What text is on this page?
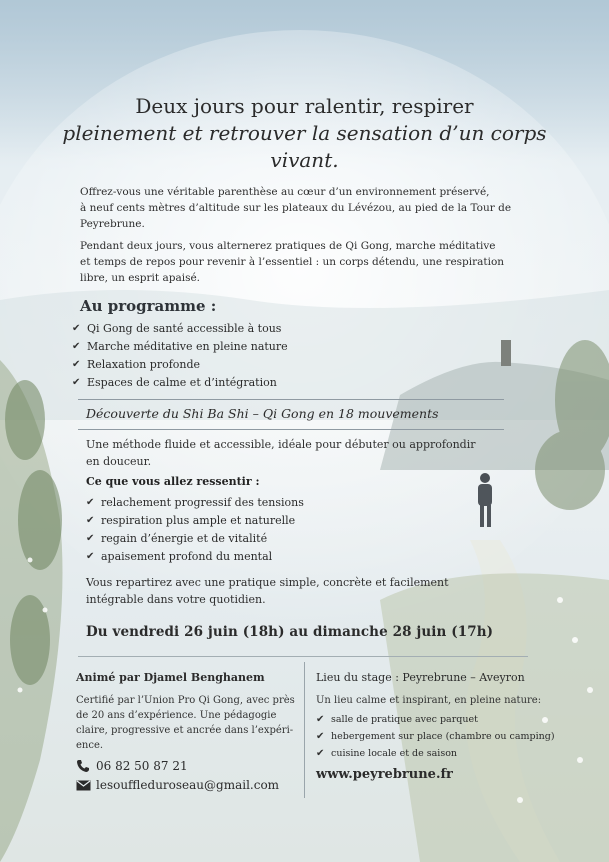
Deux jours pour ralentir, respirer
pleinement et retrouver la sensation d’un corps
vivant.
Offrez-vous une véritable parenthèse au cœur d’un environnement préservé,
à neuf cents mètres d’altitude sur les plateaux du Lévézou, au pied de la Tour de
Peyrebrune.
Pendant deux jours, vous alternerez pratiques de Qi Gong, marche méditative
et temps de repos pour revenir à l’essentiel : un corps détendu, une respiration
libre, un esprit apaisé.
Au programme :
✔ Qi Gong de santé accessible à tous
✔ Marche méditative en pleine nature
✔ Relaxation profonde
✔ Espaces de calme et d’intégration
Découverte du Shi Ba Shi – Qi Gong en 18 mouvements
Une méthode fluide et accessible, idéale pour débuter ou approfondir
en douceur.
Ce que vous allez ressentir :
✔ relachement progressif des tensions
✔ respiration plus ample et naturelle
✔ regain d’énergie et de vitalité
✔ apaisement profond du mental
Vous repartirez avec une pratique simple, concrète et facilement
intégrable dans votre quotidien.
Du vendredi 26 juin (18h) au dimanche 28 juin (17h)
Animé par Djamel Benghanem
Certifié par l’Union Pro Qi Gong, avec près
de 20 ans d’expérience. Une pédagogie
claire, progressive et ancrée dans l’expéri-
ence.
06 82 50 87 21
lesouffleduroseau@gmail.com
Lieu du stage : Peyrebrune – Aveyron
Un lieu calme et inspirant, en pleine nature:
✔ salle de pratique avec parquet
✔ hebergement sur place (chambre ou camping)
✔ cuisine locale et de saison
www.peyrebrune.fr
